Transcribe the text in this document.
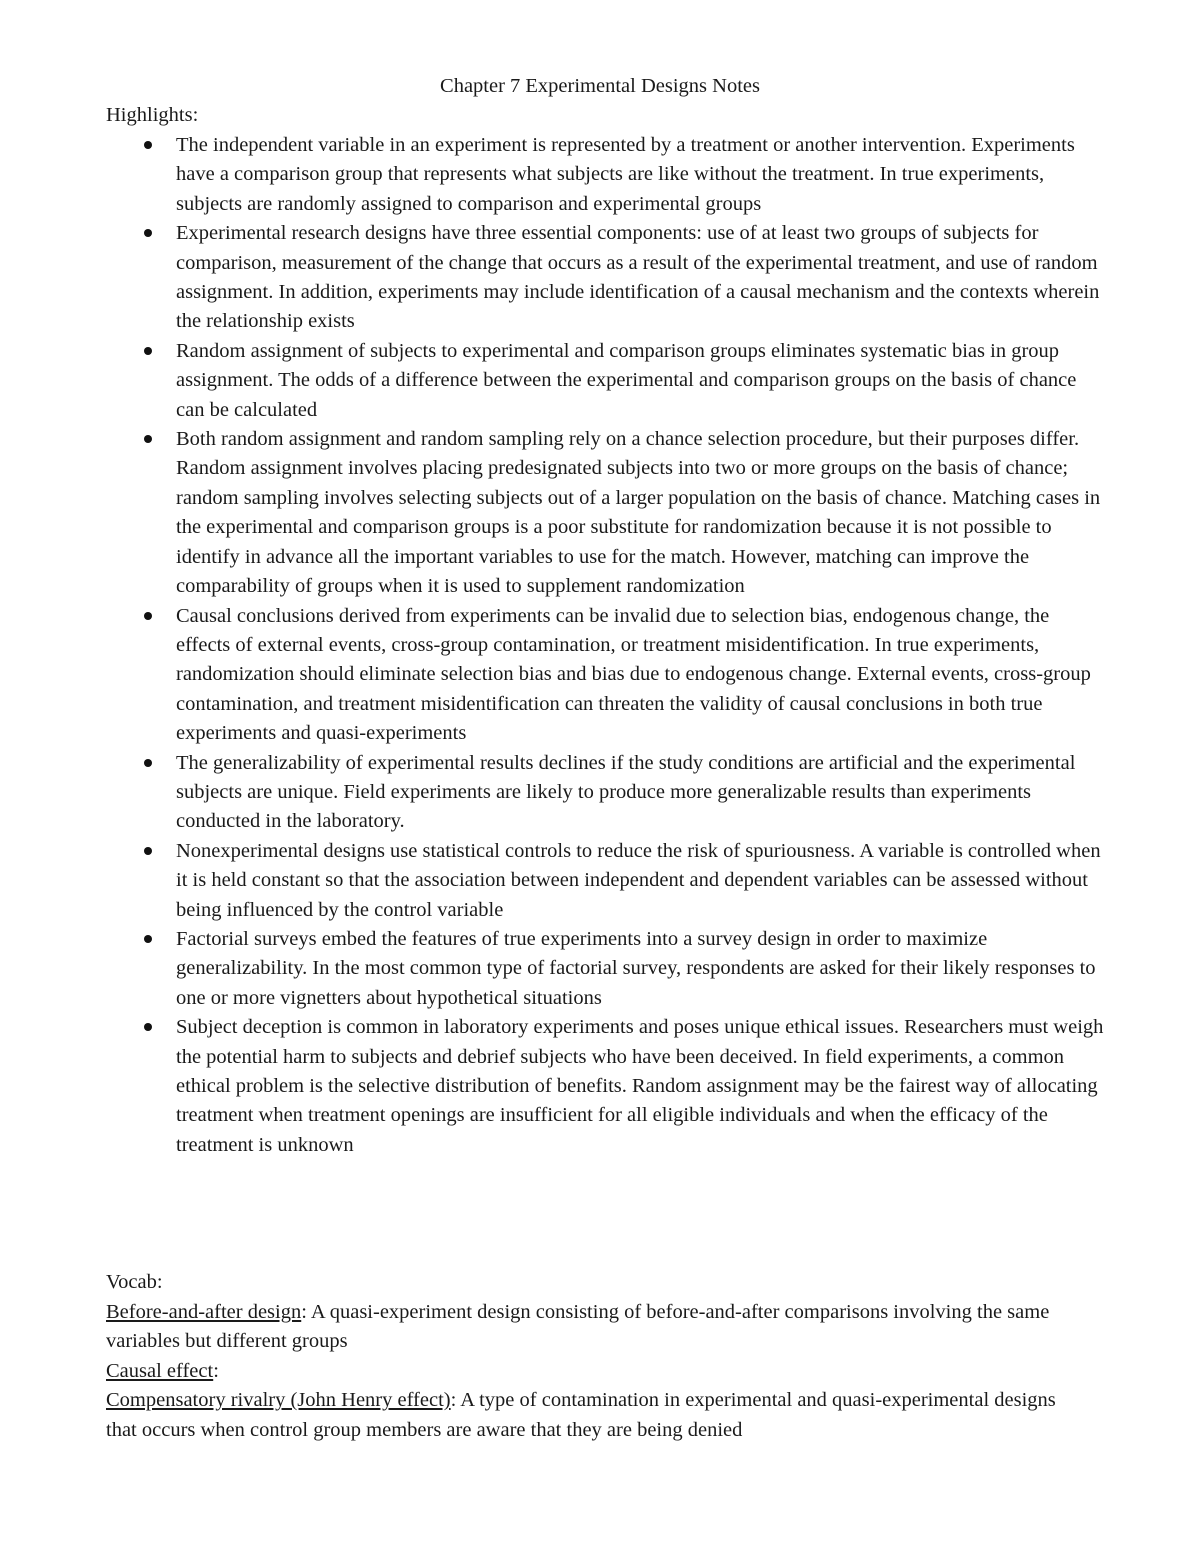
Chapter 7 Experimental Designs Notes
Highlights:
The independent variable in an experiment is represented by a treatment or another intervention. Experiments have a comparison group that represents what subjects are like without the treatment. In true experiments, subjects are randomly assigned to comparison and experimental groups
Experimental research designs have three essential components: use of at least two groups of subjects for comparison, measurement of the change that occurs as a result of the experimental treatment, and use of random assignment. In addition, experiments may include identification of a causal mechanism and the contexts wherein the relationship exists
Random assignment of subjects to experimental and comparison groups eliminates systematic bias in group assignment. The odds of a difference between the experimental and comparison groups on the basis of chance can be calculated
Both random assignment and random sampling rely on a chance selection procedure, but their purposes differ. Random assignment involves placing predesignated subjects into two or more groups on the basis of chance; random sampling involves selecting subjects out of a larger population on the basis of chance. Matching cases in the experimental and comparison groups is a poor substitute for randomization because it is not possible to identify in advance all the important variables to use for the match. However, matching can improve the comparability of groups when it is used to supplement randomization
Causal conclusions derived from experiments can be invalid due to selection bias, endogenous change, the effects of external events, cross-group contamination, or treatment misidentification. In true experiments, randomization should eliminate selection bias and bias due to endogenous change. External events, cross-group contamination, and treatment misidentification can threaten the validity of causal conclusions in both true experiments and quasi-experiments
The generalizability of experimental results declines if the study conditions are artificial and the experimental subjects are unique. Field experiments are likely to produce more generalizable results than experiments conducted in the laboratory.
Nonexperimental designs use statistical controls to reduce the risk of spuriousness. A variable is controlled when it is held constant so that the association between independent and dependent variables can be assessed without being influenced by the control variable
Factorial surveys embed the features of true experiments into a survey design in order to maximize generalizability. In the most common type of factorial survey, respondents are asked for their likely responses to one or more vignetters about hypothetical situations
Subject deception is common in laboratory experiments and poses unique ethical issues. Researchers must weigh the potential harm to subjects and debrief subjects who have been deceived. In field experiments, a common ethical problem is the selective distribution of benefits. Random assignment may be the fairest way of allocating treatment when treatment openings are insufficient for all eligible individuals and when the efficacy of the treatment is unknown
Vocab:

Before-and-after design: A quasi-experiment design consisting of before-and-after comparisons involving the same variables but different groups

Causal effect:

Compensatory rivalry (John Henry effect): A type of contamination in experimental and quasi-experimental designs that occurs when control group members are aware that they are being denied
